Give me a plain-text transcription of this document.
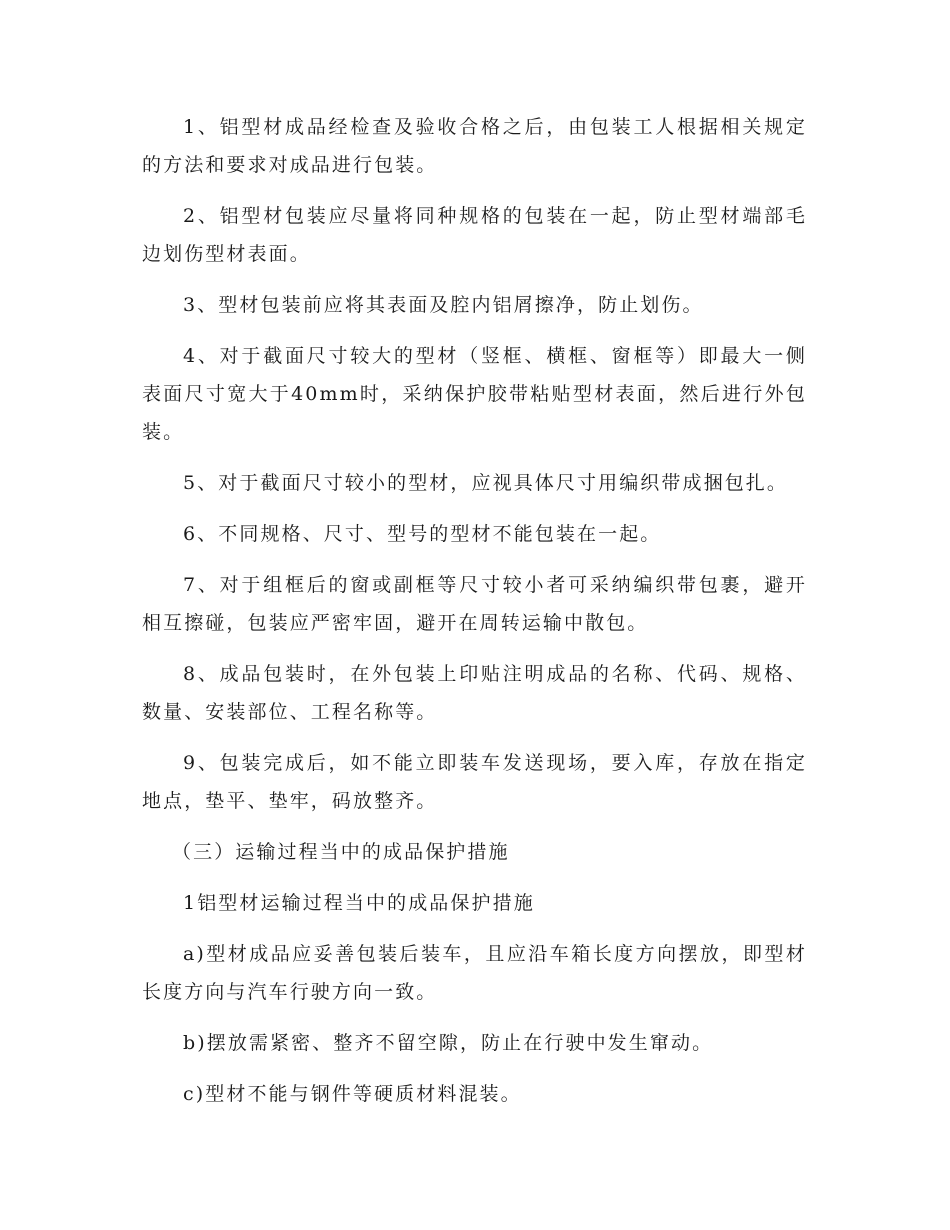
1、铝型材成品经检查及验收合格之后，由包装工人根据相关规定的方法和要求对成品进行包装。

2、铝型材包装应尽量将同种规格的包装在一起，防止型材端部毛边划伤型材表面。

3、型材包装前应将其表面及腔内铝屑擦净，防止划伤。

4、对于截面尺寸较大的型材（竖框、横框、窗框等）即最大一侧表面尺寸宽大于40mm时，采纳保护胶带粘贴型材表面，然后进行外包装。

5、对于截面尺寸较小的型材，应视具体尺寸用编织带成捆包扎。

6、不同规格、尺寸、型号的型材不能包装在一起。

7、对于组框后的窗或副框等尺寸较小者可采纳编织带包裹，避开相互擦碰，包装应严密牢固，避开在周转运输中散包。

8、成品包装时，在外包装上印贴注明成品的名称、代码、规格、数量、安装部位、工程名称等。

9、包装完成后，如不能立即装车发送现场，要入库，存放在指定地点，垫平、垫牢，码放整齐。

（三）运输过程当中的成品保护措施

1铝型材运输过程当中的成品保护措施

a)型材成品应妥善包装后装车，且应沿车箱长度方向摆放，即型材长度方向与汽车行驶方向一致。

b)摆放需紧密、整齐不留空隙，防止在行驶中发生窜动。

c)型材不能与钢件等硬质材料混装。
